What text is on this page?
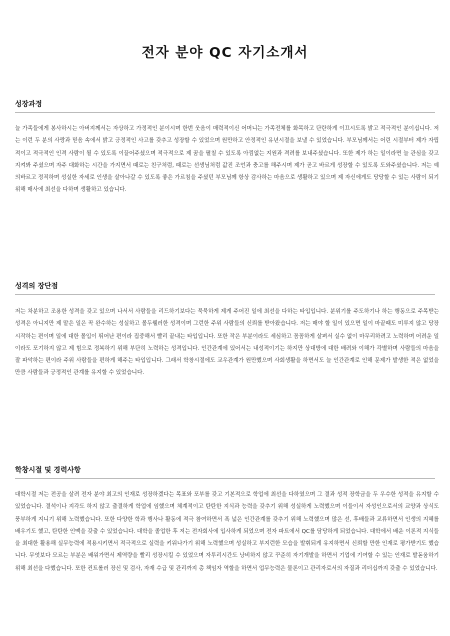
전자 분야 QC 자기소개서
성장과정

늘 가족들에게 봉사하시는 아버지께서는 자상하고 가정적인 분이시며 한번 웃음이 매력적이신 어머니는 가족전체를 화목하고 단란하게 이끄시도록 밝고 적극적인 분이십니다. 저는 이런 두 분의 사랑과 믿음 속에서 밝고 긍정적인 사고를 갖추고 성장할 수 있었으며 원만하고 안정적인 유년시절을 보낼 수 있었습니다. 부모님께서는 어린 시절부터 제가 자립적이고 적극적인 인격 사람이 될 수 있도록 이끌어주셨으며 적극적으로 제 꿈을 펼칠 수 있도록 아낌없는 지원과 격려를 보내주셨습니다. 또한 제가 하는 일이라면 늘 관심을 갖고 지켜봐 주셨으며 자주 대화하는 시간을 가지면서 때로는 친구처럼, 때로는 선생님처럼 값진 조언과 충고를 해주시며 제가 곧고 바르게 성장할 수 있도록 도와주셨습니다. 저는 예의바르고 정직하며 성실한 자세로 인생을 살아나갈 수 있도록 좋은 가르침을 주셨던 부모님께 항상 감사하는 마음으로 생활하고 있으며 제 자신에게도 당당할 수 있는 사람이 되기 위해 매사에 최선을 다하며 생활하고 있습니다.

성격의 장단점

저는 차분하고 조용한 성격을 갖고 있으며 나서서 사람들을 리드하기보다는 묵묵하게 제게 주어진 일에 최선을 다하는 타입입니다. 분위기를 주도하기나 하는 행동으로 주목받는 성격은 아니지만 제 맡은 일은 꼭 완수하는 성실하고 볼두웰러한 성격이며 그런한 주위 사람들의 신뢰를 받아왔습니다. 저는 매야 할 일이 있으면 일이 마끝때도 미루지 않고 당장 시작하는 편이며 일에 대한 몰입이 뛰어난 편이라 집중해서 빨리 끝내는 타입입니다. 또한 작은 부분이라도 세심하고 꼼꼼하게 살펴서 실수 없이 마무리하려고 노력하며 어려운 일이라도 포기하지 않고 제 힘으로 정복하기 위해 부단히 노력하는 성격입니다. 인간관계에 있어서는 내성적이기는 하지만 상대방에 대한 배려와 이해가 각별하며 사람들의 마음을 잘 파악하는 편이라 주위 사람들을 편하게 해주는 타입입니다. 그래서 학창시절에도 교우관계가 원만했으며 사회생활을 하면서도 늘 인간관계로 인해 문제가 발생한 적은 없었을 만큼 사람들과 긍정적인 관계를 유지할 수 있었습니다.

학창시절 및 경력사항

대학시절 저는 전공을 살려 전자 분야 최고의 인재로 성장하겠다는 목표와 포부를 갖고 기본적으로 학업에 최선을 다하였으며 그 결과 성적 장학금을 두 우수한 성적을 유지할 수 있었습니다. 결석이나 지각도 하지 않고 출결하게 학업에 임했으며 체계적이고 탄탄한 지식과 능력을 갖추기 위해 성실하게 노력했으며 이들이서 자성인으로서의 교양과 상식도 풍부하게 지니기 위해 노력했습니다. 또한 다양한 학과 행사나 활동에 적극 참여하면서 폭 넓은 인간관계를 갖추기 위해 노력했으며 많은 선, 후배들과 교류하면서 인생의 지혜를 배우기도 했고, 탄탄한 인맥을 갖출 수 있었습니다. 대학을 졸업한 후 저는 전자회사에 입사하게 되었으며 전자 파트에서 QC를 담당하게 되었습니다. 대학에서 배운 이론적 지식들을 최대한 활용해 실무능력에 적용시키면서 적극적으로 실력을 키워나가기 위해 노력했으며 성실하고 부지런한 모습을 발휘되게 유지하면서 신뢰할 만한 인재로 평가받기도 했습니다. 무엇보다 모르는 부분은 배워가면서 제역량을 빨리 성장시킬 수 있었으며 자투리시간도 낭비하지 않고 꾸준히 자기개발을 하면서 기업에 기여할 수 있는 인재로 발돋움하기 위해 최선을 다했습니다. 또한 컨트롤러 장신 및 검사, 자재 수급 및 관리까지 총 책임자 역할을 하면서 업무능력은 물론이고 관리자로서의 자질과 리더십까지 갖출 수 있었습니다.
